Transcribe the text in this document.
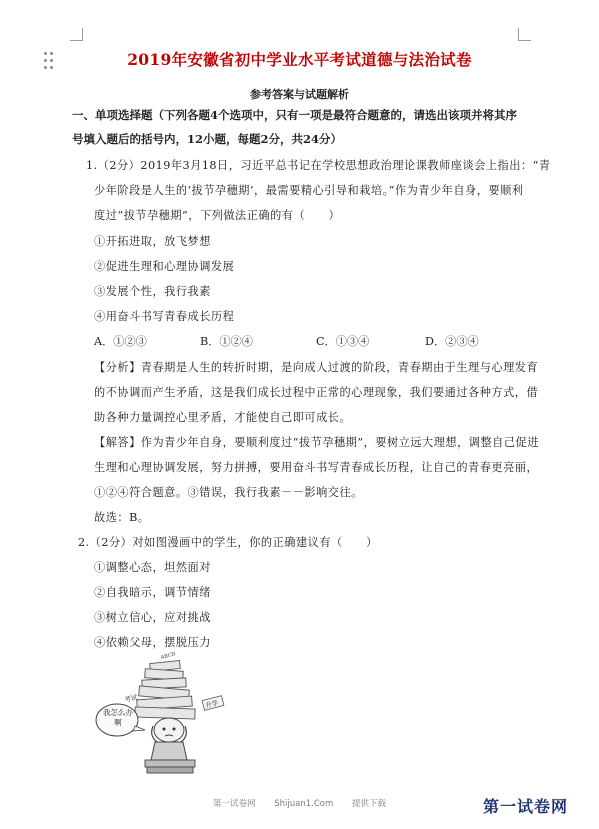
2019年安徽省初中学业水平考试道德与法治试卷
参考答案与试题解析
一、单项选择题（下列各题4个选项中，只有一项是最符合题意的，请选出该项并将其序
号填入题后的括号内，12小题，每题2分，共24分）
1.（2分）2019年3月18日，习近平总书记在学校思想政治理论课教师座谈会上指出：“青
少年阶段是人生的‘拔节孕穗期’，最需要精心引导和栽培。”作为青少年自身，要顺利
度过“拔节孕穗期”，下列做法正确的有（　　）
①开拓进取，放飞梦想
②促进生理和心理协调发展
③发展个性，我行我素
④用奋斗书写青春成长历程
A．①②③	B．①②④	C．①③④	D．②③④
【分析】青春期是人生的转折时期，是向成人过渡的阶段，青春期由于生理与心理发育
的不协调而产生矛盾，这是我们成长过程中正常的心理现象，我们要通过各种方式，借
助各种力量调控心里矛盾，才能使自己即可成长。
【解答】作为青少年自身，要顺利度过“拔节孕穗期”，要树立远大理想，调整自己促进
生理和心理协调发展，努力拼搏，要用奋斗书写青春成长历程，让自己的青春更亮丽，
①②④符合题意。③错误，我行我素－－影响交往。
故选：B。
2.（2分）对如图漫画中的学生，你的正确建议有（　　）
①调整心态，坦然面对
②自我暗示，调节情绪
③树立信心，应对挑战
④依赖父母，摆脱压力
ABCD
我怎么办啊
考试
升学
第一试卷网 Shijuan1.Com 提供下载	第一试卷网
